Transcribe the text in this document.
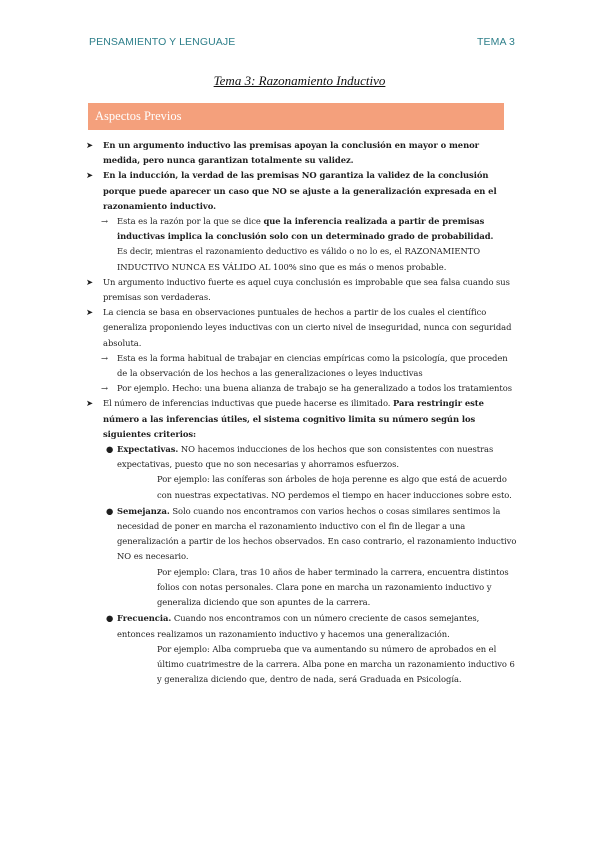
PENSAMIENTO Y LENGUAJE	TEMA 3
Tema 3: Razonamiento Inductivo
Aspectos Previos
➤ En un argumento inductivo las premisas apoyan la conclusión en mayor o menor medida, pero nunca garantizan totalmente su validez.
➤ En la inducción, la verdad de las premisas NO garantiza la validez de la conclusión porque puede aparecer un caso que NO se ajuste a la generalización expresada en el razonamiento inductivo.
→ Esta es la razón por la que se dice que la inferencia realizada a partir de premisas inductivas implica la conclusión solo con un determinado grado de probabilidad.
Es decir, mientras el razonamiento deductivo es válido o no lo es, el RAZONAMIENTO INDUCTIVO NUNCA ES VÁLIDO AL 100% sino que es más o menos probable.
➤ Un argumento inductivo fuerte es aquel cuya conclusión es improbable que sea falsa cuando sus premisas son verdaderas.
➤ La ciencia se basa en observaciones puntuales de hechos a partir de los cuales el científico generaliza proponiendo leyes inductivas con un cierto nivel de inseguridad, nunca con seguridad absoluta.
→ Esta es la forma habitual de trabajar en ciencias empíricas como la psicología, que proceden de la observación de los hechos a las generalizaciones o leyes inductivas
→ Por ejemplo. Hecho: una buena alianza de trabajo se ha generalizado a todos los tratamientos
➤ El número de inferencias inductivas que puede hacerse es ilimitado. Para restringir este número a las inferencias útiles, el sistema cognitivo limita su número según los siguientes criterios:
● Expectativas. NO hacemos inducciones de los hechos que son consistentes con nuestras expectativas, puesto que no son necesarias y ahorramos esfuerzos.
Por ejemplo: las coníferas son árboles de hoja perenne es algo que está de acuerdo con nuestras expectativas. NO perdemos el tiempo en hacer inducciones sobre esto.
● Semejanza. Solo cuando nos encontramos con varios hechos o cosas similares sentimos la necesidad de poner en marcha el razonamiento inductivo con el fin de llegar a una generalización a partir de los hechos observados. En caso contrario, el razonamiento inductivo NO es necesario.
Por ejemplo: Clara, tras 10 años de haber terminado la carrera, encuentra distintos folios con notas personales. Clara pone en marcha un razonamiento inductivo y generaliza diciendo que son apuntes de la carrera.
● Frecuencia. Cuando nos encontramos con un número creciente de casos semejantes, entonces realizamos un razonamiento inductivo y hacemos una generalización.
Por ejemplo: Alba comprueba que va aumentando su número de aprobados en el último cuatrimestre de la carrera. Alba pone en marcha un razonamiento inductivo 6 y generaliza diciendo que, dentro de nada, será Graduada en Psicología.
